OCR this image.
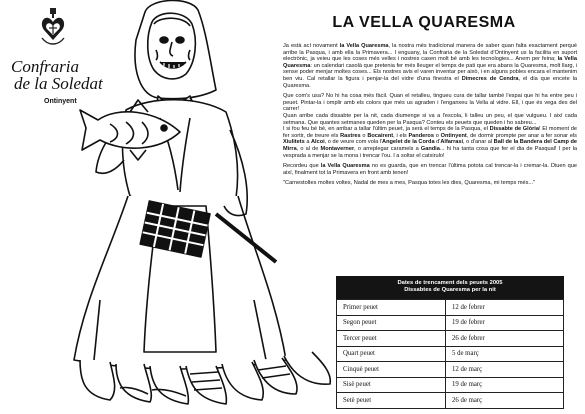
Confraria
de la Soledat
Ontinyent
LA VELLA QUARESMA

Ja està ací novament la Vella Quaresma, la nostra més tradicional manera de saber quan falta exactament perquè arribe la Pasqua, i amb ella la Primavera... I enguany, la Confraria de la Soledat d'Ontinyent us la facilita en suport electrònic, ja veieu que les coses més velles i nostres casen molt bé amb les tecnologies... Anem per feina; la Vella Quaresma: un calendari casolà que pretenia fer més lleuger el temps de pati que era abans la Quaresma, molt llarg, i sense poder menjar moltes coses... Els nostres avis el varen inventar per això, i en alguns pobles encara el mantenim ben viu. Cal retallar la figura i penjar-la del vidre d'una finestra el Dimecres de Cendra, el dia que encete la Quaresma.

Que com's usa? No hi ha cosa més fàcil. Quan el retalleu, tingueu cura de tallar també l'espai que hi ha entre peu i peuet. Pintar-la i omplir amb els colors que més us agraden i l'enganxeu la Vella al vidre. Ell, i que és vega des del carrer!
Quan arribe cada dissabte per la nit, cada diumenge si va a l'escola, li talleu un peu, el que vulgueu. I així cada setmana. Que quantes setmanes queden per la Pasqua? Conteu els peuets que queden i ho sabreu...
I si fou feu bé bé, en arribar a tallar l'últim peuet, ja serà el temps de la Pasqua, el Dissabte de Glòria! El moment de fer sortir, de treure els Rastres o Bocairent, i els Panderos o Ontinyent, de dormir prompte per anar a fer sonar els Xiulitets a Alcoi, o de veure com vola l'Angelet de la Corda d'Alfarrasí, o d'anar al Ball de la Bandera del Camp de Mirra, o al de Montaverner, o arreplegar caramels a Gandia... hi ha tanta cosa que fer el dia de Pasqual! I per la vesprada a menjar se la mona i trencar l'ou. I a soltar el catxirulo!

Recordeu que la Vella Quaresma no es guarda, que en trencar l'última potota cal trencar-la i cremar-la. Diuen que així, finalment tot la Primavera en front amb tenen!

"Carnestoltes moltes voltes, Nadal de mes a mes, Pasqua totes les dies, Quaresma, mi temps més..."

Dates de trencament dels peuets 2005
Dissabtes de Quaresma per la nit
Primer peuet	12 de febrer
Segon peuet	19 de febrer
Tercer peuet	26 de febrer
Quart peuet	5 de març
Cinquè peuet	12 de març
Sisè peuet	19 de març
Setè peuet	26 de març
